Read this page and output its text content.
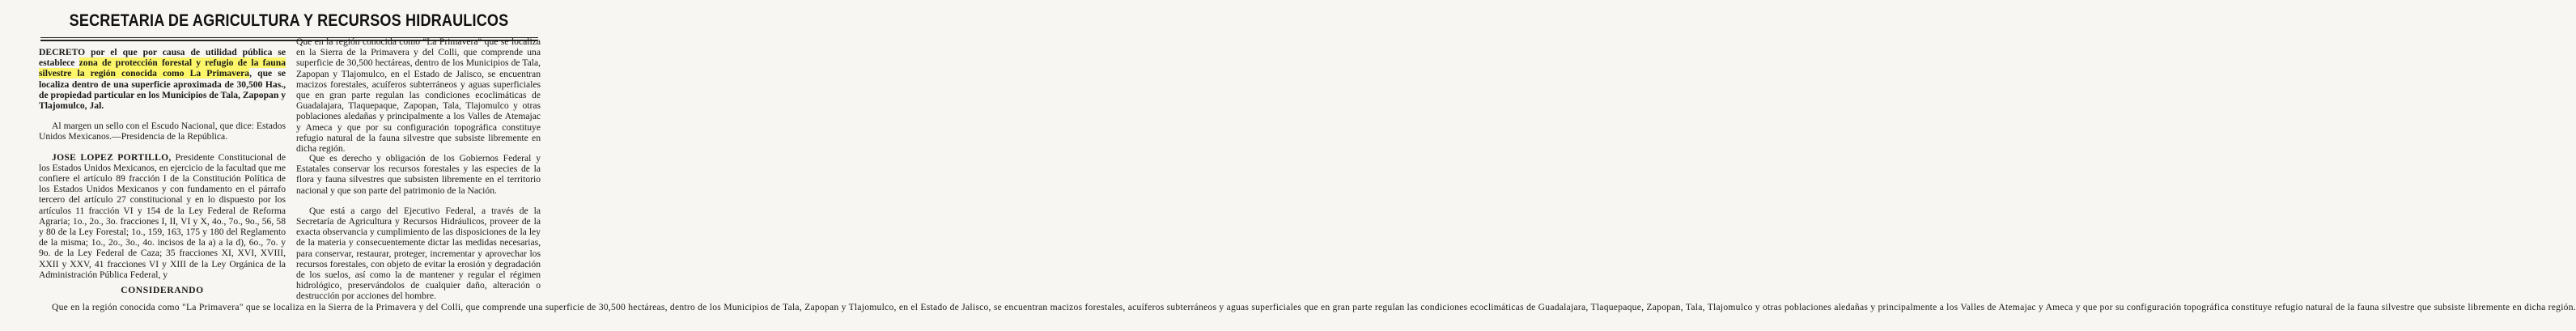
SECRETARIA DE AGRICULTURA Y RECURSOS HIDRAULICOS

DECRETO por el que por causa de utilidad pública se establece zona de protección forestal y refugio de la fauna silvestre la región conocida como La Primavera, que se localiza dentro de una superficie aproximada de 30,500 Has., de propiedad particular en los Municipios de Tala, Zapopan y Tlajomulco, Jal.

Al margen un sello con el Escudo Nacional, que dice: Estados Unidos Mexicanos.—Presidencia de la República.

JOSE LOPEZ PORTILLO, Presidente Constitucional de los Estados Unidos Mexicanos, en ejercicio de la facultad que me confiere el artículo 89 fracción I de la Constitución Política de los Estados Unidos Mexicanos y con fundamento en el párrafo tercero del artículo 27 constitucional y en lo dispuesto por los artículos 11 fracción VI y 154 de la Ley Federal de Reforma Agraria; 1o., 2o., 3o. fracciones I, II, VI y X, 4o., 7o., 9o., 56, 58 y 80 de la Ley Forestal; 1o., 159, 163, 175 y 180 del Reglamento de la misma; 1o., 2o., 3o., 4o. incisos de la a) a la d), 6o., 7o. y 9o. de la Ley Federal de Caza; 35 fracciones XI, XVI, XVIII, XXII y XXV, 41 fracciones VI y XIII de la Ley Orgánica de la Administración Pública Federal, y

CONSIDERANDO

Que en la región conocida como "La Primavera" que se localiza en la Sierra de la Primavera y del Colli, que comprende una superficie de 30,500 hectáreas, dentro de los Municipios de Tala, Zapopan y Tlajomulco, en el Estado de Jalisco, se encuentran macizos forestales, acuíferos subterráneos y aguas superficiales que en gran parte regulan las condiciones ecoclimáticas de Guadalajara, Tlaquepaque, Zapopan, Tala, Tlajomulco y otras poblaciones aledañas y principalmente a los Valles de Atemajac y Ameca y que por su configuración topográfica constituye refugio natural de la fauna silvestre que subsiste libremente en dicha región.

Que en la región conocida como "La Primavera" que se localiza en la Sierra de la Primavera y del Colli, que comprende una superficie de 30,500 hectáreas, dentro de los Municipios de Tala, Zapopan y Tlajomulco, en el Estado de Jalisco, se encuentran macizos forestales, acuíferos subterráneos y aguas superficiales que en gran parte regulan las condiciones ecoclimáticas de Guadalajara, Tlaquepaque, Zapopan, Tala, Tlajomulco y otras poblaciones aledañas y principalmente a los Valles de Atemajac y Ameca y que por su configuración topográfica constituye refugio natural de la fauna silvestre que subsiste libremente en dicha región.

Que es derecho y obligación de los Gobiernos Federal y Estatales conservar los recursos forestales y las especies de la flora y fauna silvestres que subsisten libremente en el territorio nacional y que son parte del patrimonio de la Nación.

Que está a cargo del Ejecutivo Federal, a través de la Secretaría de Agricultura y Recursos Hidráulicos, proveer de la exacta observancia y cumplimiento de las disposiciones de la ley de la materia y consecuentemente dictar las medidas necesarias, para conservar, restaurar, proteger, incrementar y aprovechar los recursos forestales, con objeto de evitar la erosión y degradación de los suelos, así como la de mantener y regular el régimen hidrológico, preservándolos de cualquier daño, alteración o destrucción por acciones del hombre.
